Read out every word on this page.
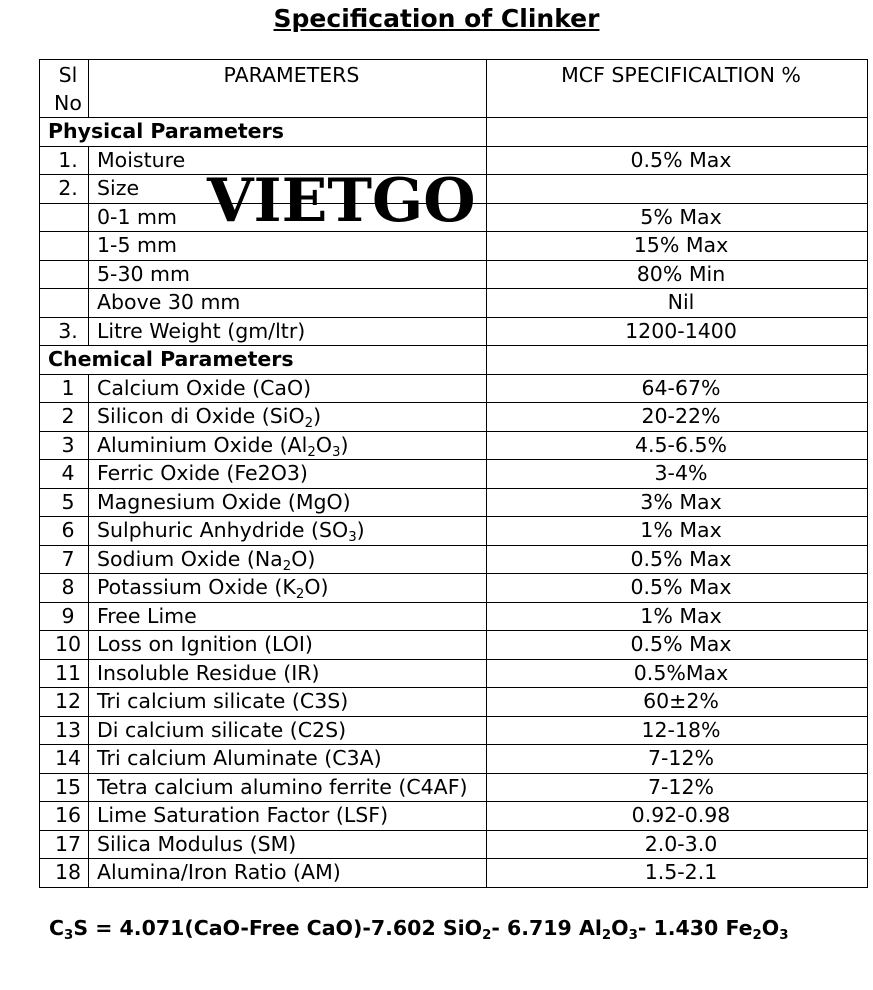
Specification of Clinker
Sl
No	PARAMETERS	MCF SPECIFICALTION %
Physical Parameters		
1.	Moisture	0.5% Max
2.	Size	
	0-1 mm	5% Max
	1-5 mm	15% Max
	5-30 mm	80% Min
	Above 30 mm	Nil
3.	Litre Weight (gm/ltr)	1200-1400
Chemical Parameters		
1	Calcium Oxide (CaO)	64-67%
2	Silicon di Oxide (SiO$_2$)	20-22%
3	Aluminium Oxide $(Al_2O_3)$	4.5-6.5%
4	Ferric Oxide (Fe2O3)	3-4%
5	Magnesium Oxide (MgO)	3% Max
6	Sulphuric Anhydride $(SO_3)$	1% Max
7	Sodium Oxide $(Na_2O)$	0.5% Max
8	Potassium Oxide $(K_2O)$	0.5% Max
9	Free Lime	1% Max
10	Loss on Ignition (LOI)	0.5% Max
11	Insoluble Residue (IR)	0.5%Max
12	Tri calcium silicate (C3S)	60±2%
13	Di calcium silicate (C2S)	12-18%
14	Tri calcium Aluminate (C3A)	7-12%
15	Tetra calcium alumino ferrite (C4AF)	7-12%
16	Lime Saturation Factor (LSF)	0.92-0.98
17	Silica Modulus (SM)	2.0-3.0
18	Alumina/Iron Ratio (AM)	1.5-2.1
VIETGO
$C_3S$ = 4.071(CaO-Free CaO)-7.602 SiO$_2$- 6.719 $Al_2O_3-$ 1.430 $Fe_2O_3$
